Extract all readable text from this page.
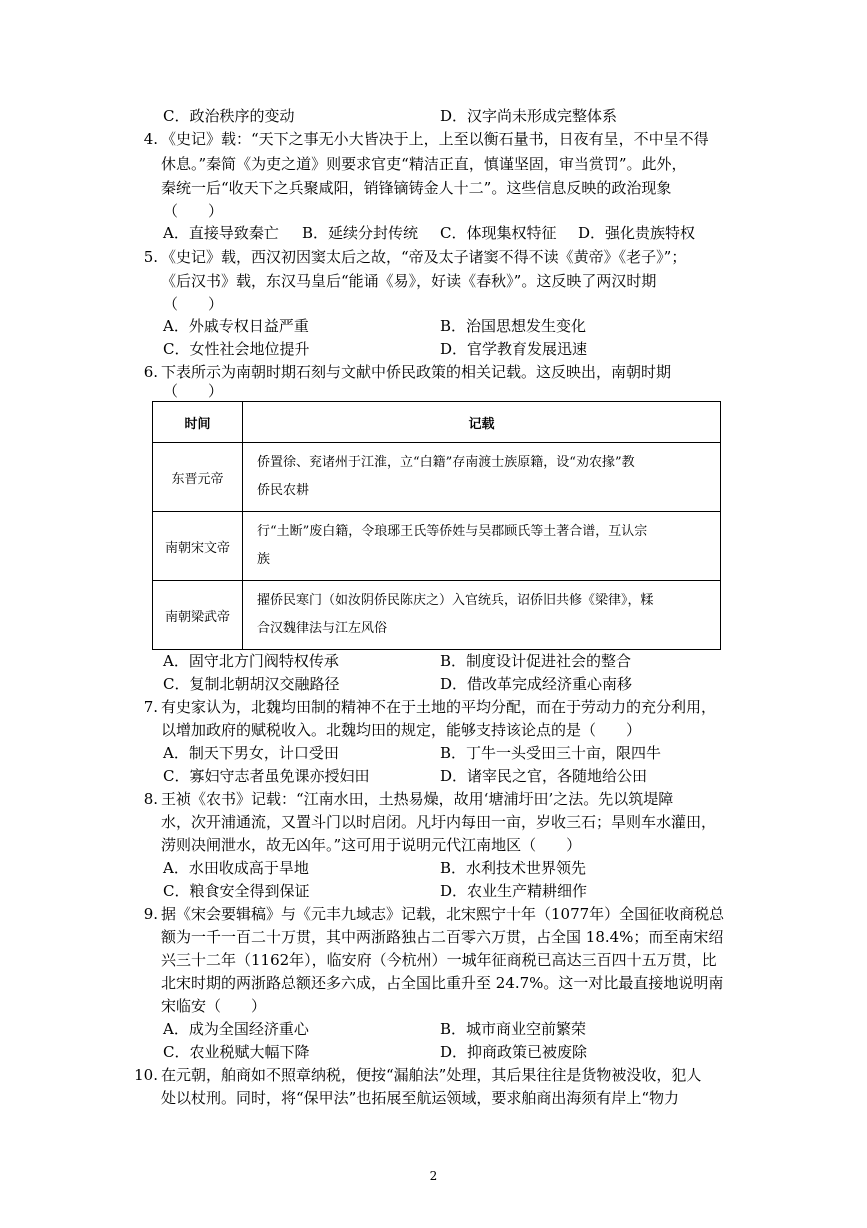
C．政治秩序的变动	D．汉字尚未形成完整体系
4. 《史记》载：“天下之事无小大皆决于上，上至以衡石量书，日夜有呈，不中呈不得
休息。”秦简《为吏之道》则要求官吏“精洁正直，慎谨坚固，审当赏罚”。此外，
秦统一后“收天下之兵聚咸阳，销锋镝铸金人十二”。这些信息反映的政治现象
（　　）
A．直接导致秦亡 B．延续分封传统 C．体现集权特征 D．强化贵族特权
5. 《史记》载，西汉初因窦太后之故，“帝及太子诸窦不得不读《黄帝》《老子》”；
《后汉书》载，东汉马皇后“能诵《易》，好读《春秋》”。这反映了两汉时期
（　　）
A．外戚专权日益严重	B．治国思想发生变化
C．女性社会地位提升	D．官学教育发展迅速
6. 下表所示为南朝时期石刻与文献中侨民政策的相关记载。这反映出，南朝时期
（　　）
时间	记载
东晋元帝	侨置徐、兖诸州于江淮，立“白籍”存南渡士族原籍，设“劝农掾”教
侨民农耕

南朝宋文帝	行“土断”废白籍，令琅琊王氏等侨姓与吴郡顾氏等土著合谱，互认宗
族

南朝梁武帝	擢侨民寒门（如汝阴侨民陈庆之）入官统兵，诏侨旧共修《梁律》，糅
合汉魏律法与江左风俗
A．固守北方门阀特权传承	B．制度设计促进社会的整合
C．复制北朝胡汉交融路径	D．借改革完成经济重心南移
7. 有史家认为，北魏均田制的精神不在于土地的平均分配，而在于劳动力的充分利用，
以增加政府的赋税收入。北魏均田的规定，能够支持该论点的是（　　）
A．制天下男女，计口受田	B．丁牛一头受田三十亩，限四牛
C．寡妇守志者虽免课亦授妇田	D．诸宰民之官，各随地给公田
8. 王祯《农书》记载：“江南水田，土热易燥，故用‘塘浦圩田’之法。先以筑堤障
水，次开浦通流，又置斗门以时启闭。凡圩内每田一亩，岁收三石；旱则车水灌田，
涝则决闸泄水，故无凶年。”这可用于说明元代江南地区（　　）
A．水田收成高于旱地	B．水利技术世界领先
C．粮食安全得到保证	D．农业生产精耕细作
9. 据《宋会要辑稿》与《元丰九域志》记载，北宋熙宁十年（1077年）全国征收商税总
额为一千一百二十万贯，其中两浙路独占二百零六万贯，占全国 18.4%；而至南宋绍
兴三十二年（1162年），临安府（今杭州）一城年征商税已高达三百四十五万贯，比
北宋时期的两浙路总额还多六成，占全国比重升至 24.7%。这一对比最直接地说明南
宋临安（　　）
A．成为全国经济重心	B．城市商业空前繁荣
C．农业税赋大幅下降	D．抑商政策已被废除
10. 在元朝，舶商如不照章纳税，便按“漏舶法”处理，其后果往往是货物被没收，犯人
处以杖刑。同时，将“保甲法”也拓展至航运领域，要求舶商出海须有岸上“物力
2
